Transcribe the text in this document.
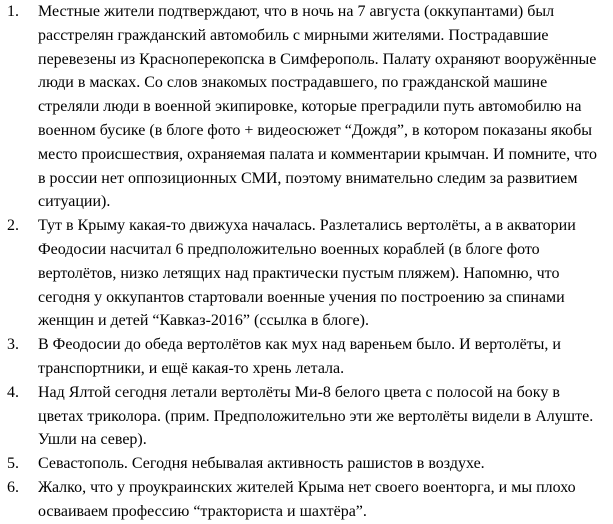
1.	Местные жители подтверждают, что в ночь на 7 августа (оккупантами) был расстрелян гражданский автомобиль с мирными жителями. Пострадавшие перевезены из Красноперекопска в Симферополь. Палату охраняют вооружённые люди в масках. Со слов знакомых пострадавшего, по гражданской машине стреляли люди в военной экипировке, которые преградили путь автомобилю на военном бусике (в блоге фото + видеосюжет “Дождя”, в котором показаны якобы место происшествия, охраняемая палата и комментарии крымчан. И помните, что в россии нет оппозиционных СМИ, поэтому внимательно следим за развитием ситуации).
2.	Тут в Крыму какая-то движуха началась. Разлетались вертолёты, а в акватории Феодосии насчитал 6 предположительно военных кораблей (в блоге фото вертолётов, низко летящих над практически пустым пляжем). Напомню, что сегодня у оккупантов стартовали военные учения по построению за спинами женщин и детей “Кавказ-2016” (ссылка в блоге).
3.	В Феодосии до обеда вертолётов как мух над вареньем было. И вертолёты, и транспортники, и ещё какая-то хрень летала.
4.	Над Ялтой сегодня летали вертолёты Ми-8 белого цвета с полосой на боку в цветах триколора. (прим. Предположительно эти же вертолёты видели в Алуште. Ушли на север).
5.	Севастополь. Сегодня небывалая активность рашистов в воздухе.
6.	Жалко, что у проукраинских жителей Крыма нет своего военторга, и мы плохо осваиваем профессию “тракториста и шахтёра”.
